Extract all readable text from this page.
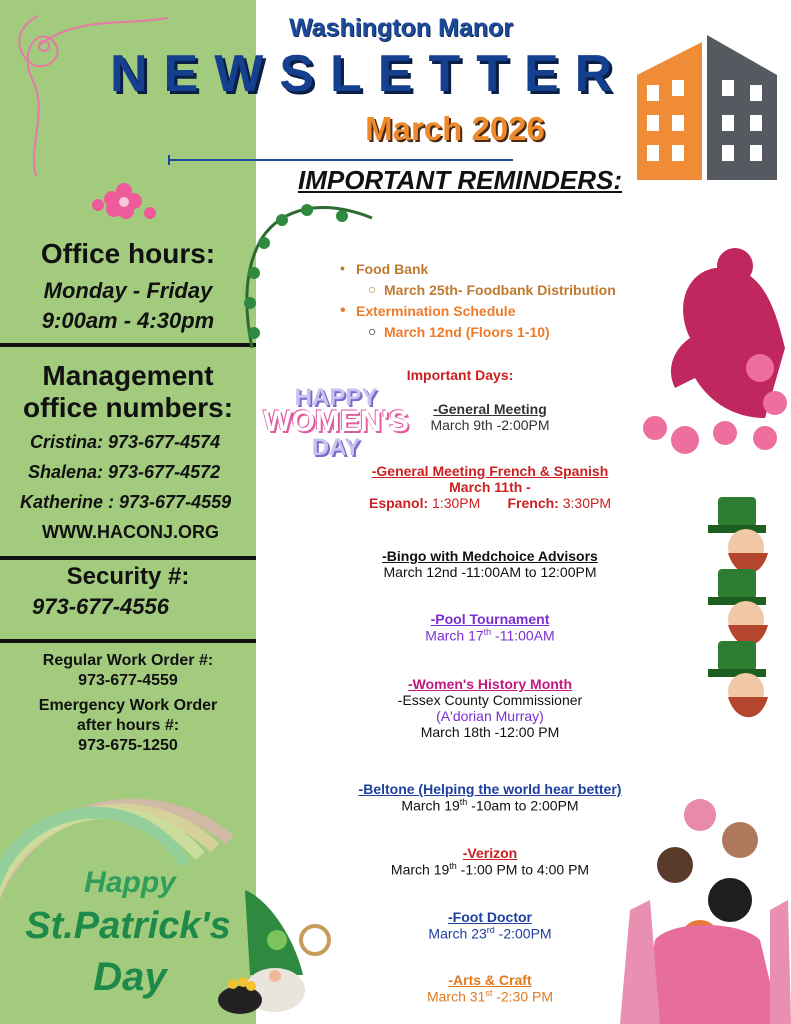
Office hours:
Monday - Friday
9:00am - 4:30pm
Management
office numbers:
Cristina: 973-677-4574
Shalena: 973-677-4572
Katherine : 973-677-4559
WWW.HACONJ.ORG
Security #:
973-677-4556
Regular Work Order #:
973-677-4559
Emergency Work Order
after hours #:
973-675-1250
Happy
St.Patrick's
Day
Washington Manor
NEWSLETTER
March 2026
IMPORTANT REMINDERS:
HAPPY
WOMEN'S
DAY
• Food Bank
○ March 25th- Foodbank Distribution
• Extermination Schedule
○ March 12nd (Floors 1-10)
Important Days:
-General Meeting
March 9th -2:00PM
-General Meeting French & Spanish
March 11th -
Espanol: 1:30PM French: 3:30PM
-Bingo with Medchoice Advisors
March 12nd -11:00AM to 12:00PM
-Pool Tournament
March 17th -11:00AM
-Women's History Month
-Essex County Commissioner
(A'dorian Murray)
March 18th -12:00 PM
-Beltone (Helping the world hear better)
March 19th -10am to 2:00PM
-Verizon
March 19th -1:00 PM to 4:00 PM
-Foot Doctor
March 23rd -2:00PM
-Arts & Craft
March 31st -2:30 PM
